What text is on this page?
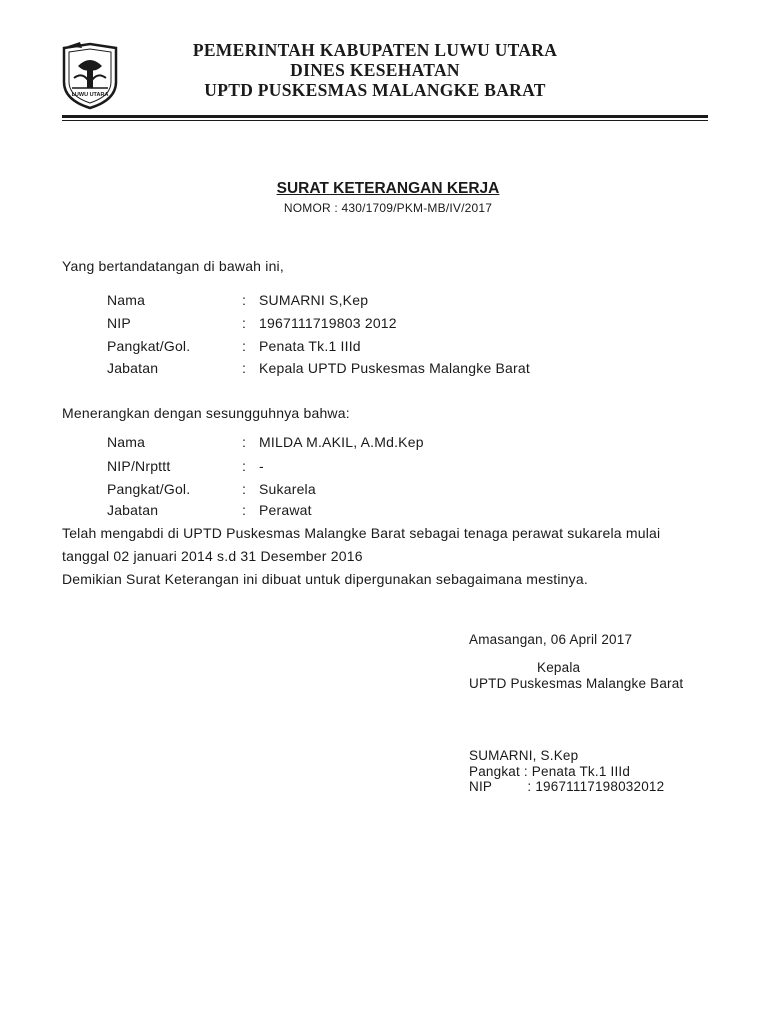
LUWU UTARA
PEMERINTAH KABUPATEN LUWU UTARA
DINES KESEHATAN
UPTD PUSKESMAS MALANGKE BARAT
SURAT KETERANGAN KERJA
NOMOR : 430/1709/PKM-MB/IV/2017
Yang bertandatangan di bawah ini,
Nama	: SUMARNI S,Kep
NIP	: 1967111719803 2012
Pangkat/Gol.	: Penata Tk.1 IIId
Jabatan	: Kepala UPTD Puskesmas Malangke Barat
Menerangkan dengan sesungguhnya bahwa:
Nama	: MILDA M.AKIL, A.Md.Kep
NIP/Nrpttt	: -
Pangkat/Gol.	: Sukarela
Jabatan	: Perawat
Telah mengabdi di UPTD Puskesmas Malangke Barat sebagai tenaga perawat sukarela mulai
tanggal 02 januari 2014 s.d 31 Desember 2016
Demikian Surat Keterangan ini dibuat untuk dipergunakan sebagaimana mestinya.
Amasangan, 06 April 2017
Kepala
UPTD Puskesmas Malangke Barat
SUMARNI, S.Kep
Pangkat : Penata Tk.1 IIId
NIP         : 19671117198032012
